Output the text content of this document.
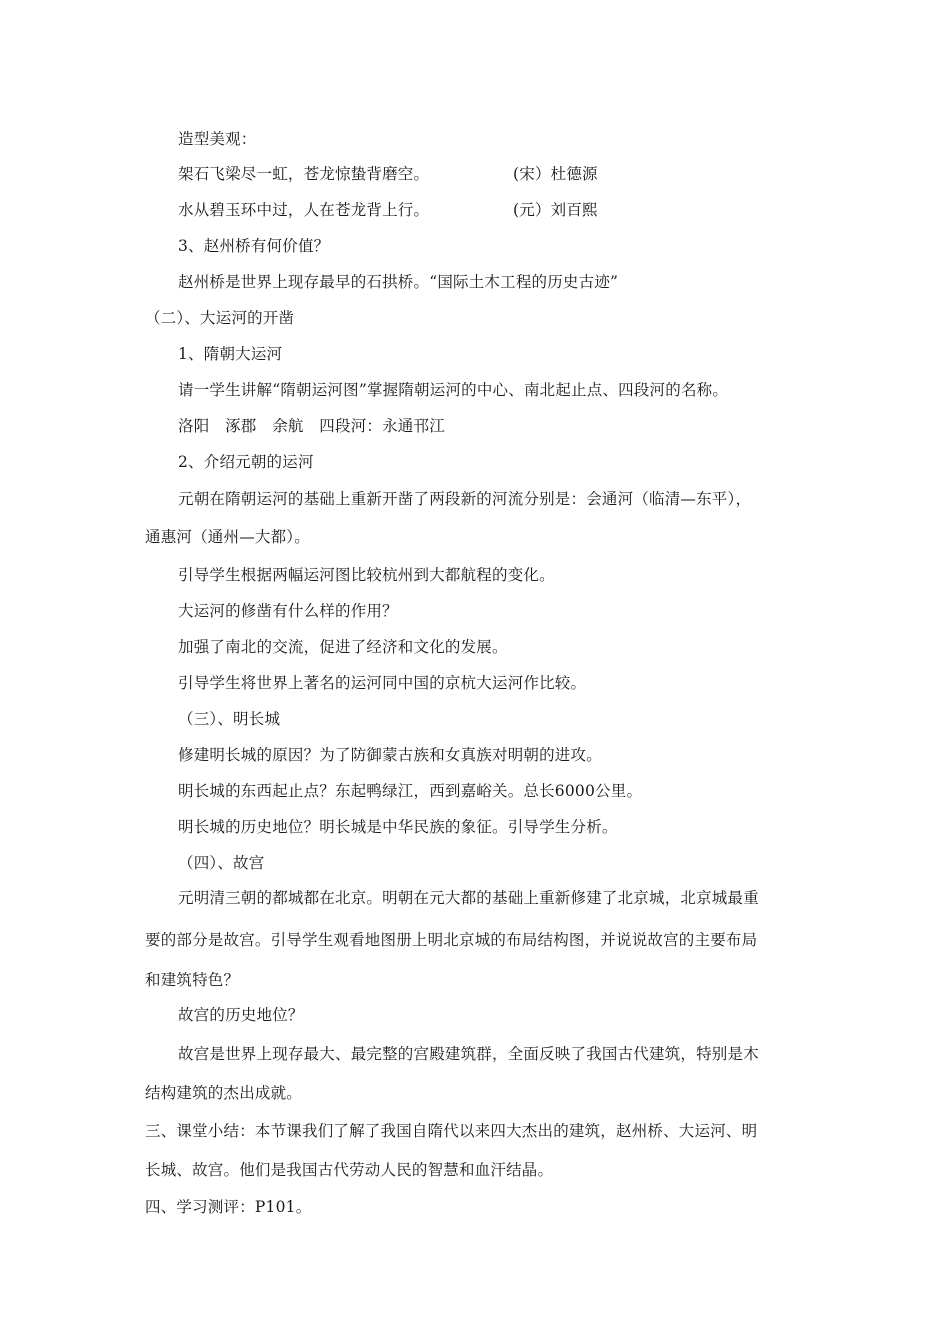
造型美观：
架石飞梁尽一虹，苍龙惊蛰背磨空。	(宋）杜德源
水从碧玉环中过，人在苍龙背上行。	(元）刘百熙
3、赵州桥有何价值？
赵州桥是世界上现存最早的石拱桥。“国际土木工程的历史古迹”
（二）、大运河的开凿
1、隋朝大运河
请一学生讲解“隋朝运河图”掌握隋朝运河的中心、南北起止点、四段河的名称。
洛阳　涿郡　余航　四段河：永通邗江
2、介绍元朝的运河
元朝在隋朝运河的基础上重新开凿了两段新的河流分别是：会通河（临清—东平），
通惠河（通州—大都）。
引导学生根据两幅运河图比较杭州到大都航程的变化。
大运河的修凿有什么样的作用？
加强了南北的交流，促进了经济和文化的发展。
引导学生将世界上著名的运河同中国的京杭大运河作比较。
（三）、明长城
修建明长城的原因？为了防御蒙古族和女真族对明朝的进攻。
明长城的东西起止点？东起鸭绿江，西到嘉峪关。总长6000公里。
明长城的历史地位？明长城是中华民族的象征。引导学生分析。
（四）、故宫
元明清三朝的都城都在北京。明朝在元大都的基础上重新修建了北京城，北京城最重
要的部分是故宫。引导学生观看地图册上明北京城的布局结构图，并说说故宫的主要布局
和建筑特色？
故宫的历史地位？
故宫是世界上现存最大、最完整的宫殿建筑群，全面反映了我国古代建筑，特别是木
结构建筑的杰出成就。
三、课堂小结：本节课我们了解了我国自隋代以来四大杰出的建筑，赵州桥、大运河、明
长城、故宫。他们是我国古代劳动人民的智慧和血汗结晶。
四、学习测评：P101。
